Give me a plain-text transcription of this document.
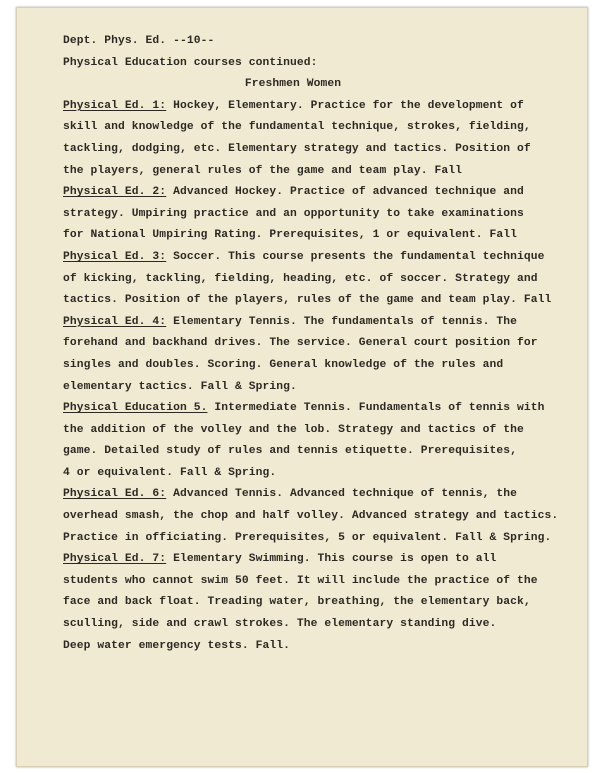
Dept. Phys. Ed. --10--
Physical Education courses continued:
Freshmen Women
Physical Ed. 1: Hockey, Elementary. Practice for the development of
skill and knowledge of the fundamental technique, strokes, fielding,
tackling, dodging, etc. Elementary strategy and tactics. Position of
the players, general rules of the game and team play. Fall
Physical Ed. 2: Advanced Hockey. Practice of advanced technique and
strategy. Umpiring practice and an opportunity to take examinations
for National Umpiring Rating. Prerequisites, 1 or equivalent. Fall
Physical Ed. 3: Soccer. This course presents the fundamental technique
of kicking, tackling, fielding, heading, etc. of soccer. Strategy and
tactics. Position of the players, rules of the game and team play. Fall
Physical Ed. 4: Elementary Tennis. The fundamentals of tennis. The
forehand and backhand drives. The service. General court position for
singles and doubles. Scoring. General knowledge of the rules and
elementary tactics. Fall & Spring.
Physical Education 5. Intermediate Tennis. Fundamentals of tennis with
the addition of the volley and the lob. Strategy and tactics of the
game. Detailed study of rules and tennis etiquette. Prerequisites,
4 or equivalent. Fall & Spring.
Physical Ed. 6: Advanced Tennis. Advanced technique of tennis, the
overhead smash, the chop and half volley. Advanced strategy and tactics.
Practice in officiating. Prerequisites, 5 or equivalent. Fall & Spring.
Physical Ed. 7: Elementary Swimming. This course is open to all
students who cannot swim 50 feet. It will include the practice of the
face and back float. Treading water, breathing, the elementary back,
sculling, side and crawl strokes. The elementary standing dive.
Deep water emergency tests. Fall.
